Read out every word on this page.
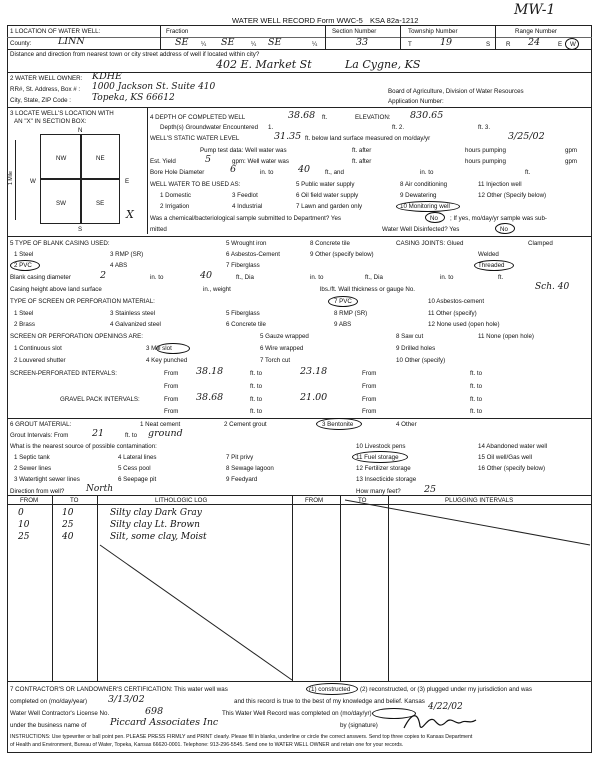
MW-1
WATER WELL RECORD Form WWC-5 KSA 82a-1212
1 LOCATION OF WATER WELL:
County:	LINN
Fraction
SE ¼ SE	¼ SE	¼
Section Number
33
Township Number
T	19	S
Range Number
R 24	E W
Distance and direction from nearest town or city street address of well if located within city?
402 E. Market St	La Cygne, KS
2 WATER WELL OWNER: KDHE
RR#, St. Address, Box # : 1000 Jackson St. Suite 410
City, State, ZIP Code : Topeka, KS 66612
Board of Agriculture, Division of Water Resources
Application Number:
3 LOCATE WELL'S LOCATION WITH
AN "X" IN SECTION BOX:
N
S
W	E
1 Mile
NW	NE
SW	SE
X
4 DEPTH OF COMPLETED WELL	38.68 ft.	ELEVATION: 830.65
Depth(s) Groundwater Encountered 1.	ft. 2.	ft. 3.
WELL'S STATIC WATER LEVEL	31.35 ft. below land surface measured on mo/day/yr	3/25/02
Pump test data: Well water was	ft. after	hours pumping	gpm
Est. Yield	5	gpm: Well water was	ft. after	hours pumping	gpm
Bore Hole Diameter	6	in. to	40 ft., and	in. to	ft.
WELL WATER TO BE USED AS:	5 Public water supply	8 Air conditioning	11 Injection well
1 Domestic	3 Feedlot	6 Oil field water supply	9 Dewatering	12 Other (Specify below)
2 Irrigation	4 Industrial	7 Lawn and garden only	10 Monitoring well
Was a chemical/bacteriological sample submitted to Department? Yes	No ; If yes, mo/day/yr sample was sub-
mitted	Water Well Disinfected? Yes	No
5 TYPE OF BLANK CASING USED:	5 Wrought iron	8 Concrete tile	CASING JOINTS: Glued	Clamped
1 Steel	3 RMP (SR)	6 Asbestos-Cement	9 Other (specify below)	Welded
2 PVC	4 ABS	7 Fiberglass	Threaded
Blank casing diameter	2	in. to	40	ft., Dia	in. to	ft., Dia	in. to	ft.
Casing height above land surface	in., weight	lbs./ft. Wall thickness or gauge No.	Sch. 40
TYPE OF SCREEN OR PERFORATION MATERIAL:	7 PVC	10 Asbestos-cement
1 Steel	3 Stainless steel	5 Fiberglass	8 RMP (SR)	11 Other (specify)
2 Brass	4 Galvanized steel	6 Concrete tile	9 ABS	12 None used (open hole)
SCREEN OR PERFORATION OPENINGS ARE:
1 Continuous slot	3 Mill slot
5 Gauze wrapped
6 Wire wrapped
7 Torch cut
8 Saw cut
9 Drilled holes
10 Other (specify)
11 None (open hole)
2 Louvered shutter	4 Key punched
SCREEN-PERFORATED INTERVALS:	From 38.18	ft. to	23.18	From	ft. to
From	ft. to	From	ft. to
GRAVEL PACK INTERVALS:	From 38.68	ft. to	21.00	From	ft. to
From	ft. to	From	ft. to
6 GROUT MATERIAL:	1 Neat cement	2 Cement grout	3 Bentonite	4 Other
Grout Intervals: From 21	ft. to ground
What is the nearest source of possible contamination:
1 Septic tank
2 Sewer lines
3 Watertight sewer lines
4 Lateral lines
5 Cess pool
6 Seepage pit
7 Pit privy
8 Sewage lagoon
9 Feedyard
10 Livestock pens
11 Fuel storage
12 Fertilizer storage
13 Insecticide storage
14 Abandoned water well
15 Oil well/Gas well
16 Other (specify below)
Direction from well? North	How many feet? 25
FROM	TO	LITHOLOGIC LOG	FROM	TO	PLUGGING INTERVALS
0	10	Silty clay Dark Gray
10	25	Silty clay Lt. Brown
25	40	Silt, some clay, Moist
7 CONTRACTOR'S OR LANDOWNER'S CERTIFICATION: This water well was	(1) constructed (2) reconstructed, or (3) plugged under my jurisdiction and was
completed on (mo/day/year) 3/13/02	and this record is true to the best of my knowledge and belief. Kansas
Water Well Contractor's License No.	698	This Water Well Record was completed on (mo/day/yr)
4/22/02
under the business name of Piccard Associates Inc	by (signature)
INSTRUCTIONS: Use typewriter or ball point pen. PLEASE PRESS FIRMLY and PRINT clearly. Please fill in blanks, underline or circle the correct answers. Send top three copies to Kansas Department
of Health and Environment, Bureau of Water, Topeka, Kansas 66620-0001. Telephone: 913-296-5545. Send one to WATER WELL OWNER and retain one for your records.
